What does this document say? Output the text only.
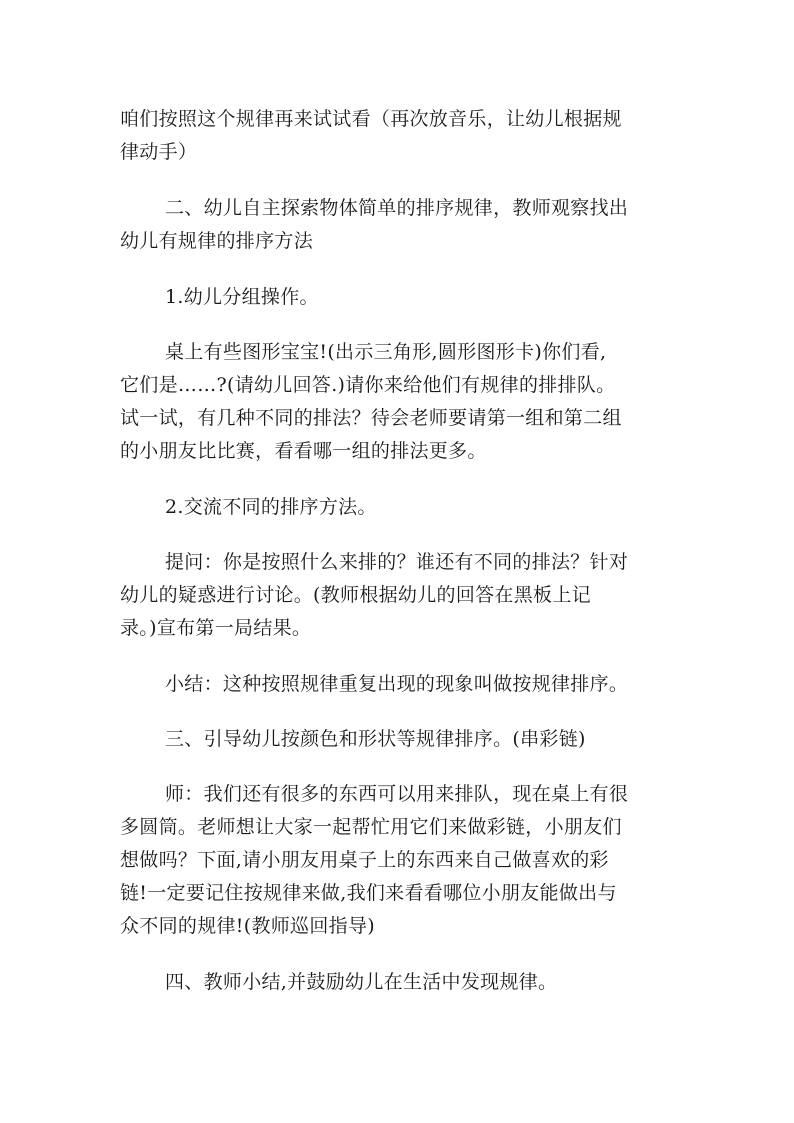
咱们按照这个规律再来试试看（再次放音乐，让幼儿根据规
律动手）

二、幼儿自主探索物体简单的排序规律，教师观察找出
幼儿有规律的排序方法

1.幼儿分组操作。

桌上有些图形宝宝!(出示三角形,圆形图形卡)你们看,
它们是……?(请幼儿回答.)请你来给他们有规律的排排队。
试一试，有几种不同的排法？待会老师要请第一组和第二组
的小朋友比比赛，看看哪一组的排法更多。

2.交流不同的排序方法。

提问：你是按照什么来排的？谁还有不同的排法？针对
幼儿的疑惑进行讨论。(教师根据幼儿的回答在黑板上记
录。)宣布第一局结果。

小结：这种按照规律重复出现的现象叫做按规律排序。

三、引导幼儿按颜色和形状等规律排序。(串彩链)

师：我们还有很多的东西可以用来排队，现在桌上有很
多圆筒。老师想让大家一起帮忙用它们来做彩链，小朋友们
想做吗？下面,请小朋友用桌子上的东西来自己做喜欢的彩
链!一定要记住按规律来做,我们来看看哪位小朋友能做出与
众不同的规律!(教师巡回指导)

四、教师小结,并鼓励幼儿在生活中发现规律。
